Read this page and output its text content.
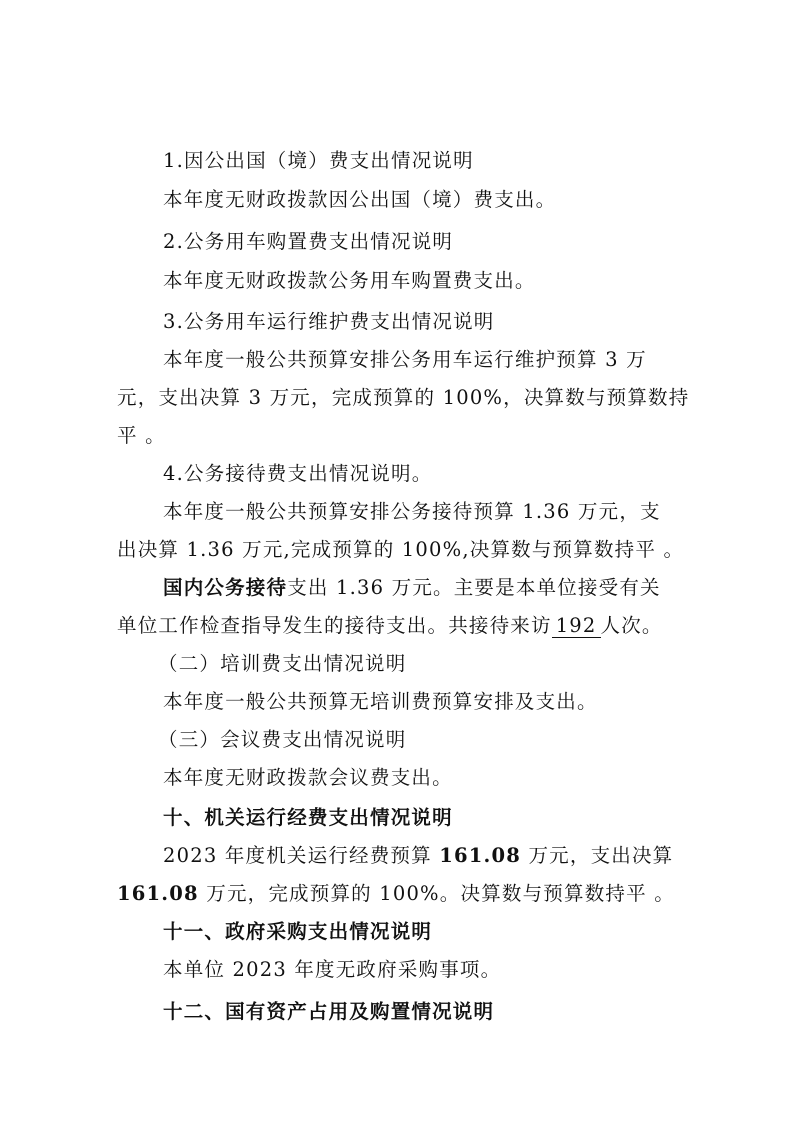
1.因公出国（境）费支出情况说明
本年度无财政拨款因公出国（境）费支出。
2.公务用车购置费支出情况说明
本年度无财政拨款公务用车购置费支出。
3.公务用车运行维护费支出情况说明
本年度一般公共预算安排公务用车运行维护预算 3 万
元，支出决算 3 万元，完成预算的 100%，决算数与预算数持
平 。
4.公务接待费支出情况说明。
本年度一般公共预算安排公务接待预算 1.36 万元，支
出决算 1.36 万元,完成预算的 100%,决算数与预算数持平 。
国内公务接待支出 1.36 万元。主要是本单位接受有关
单位工作检查指导发生的接待支出。共接待来访 192 人次。
（二）培训费支出情况说明
本年度一般公共预算无培训费预算安排及支出。
（三）会议费支出情况说明
本年度无财政拨款会议费支出。
十、机关运行经费支出情况说明
2023 年度机关运行经费预算 161.08 万元，支出决算
161.08 万元，完成预算的 100%。决算数与预算数持平 。
十一、政府采购支出情况说明
本单位 2023 年度无政府采购事项。
十二、国有资产占用及购置情况说明
